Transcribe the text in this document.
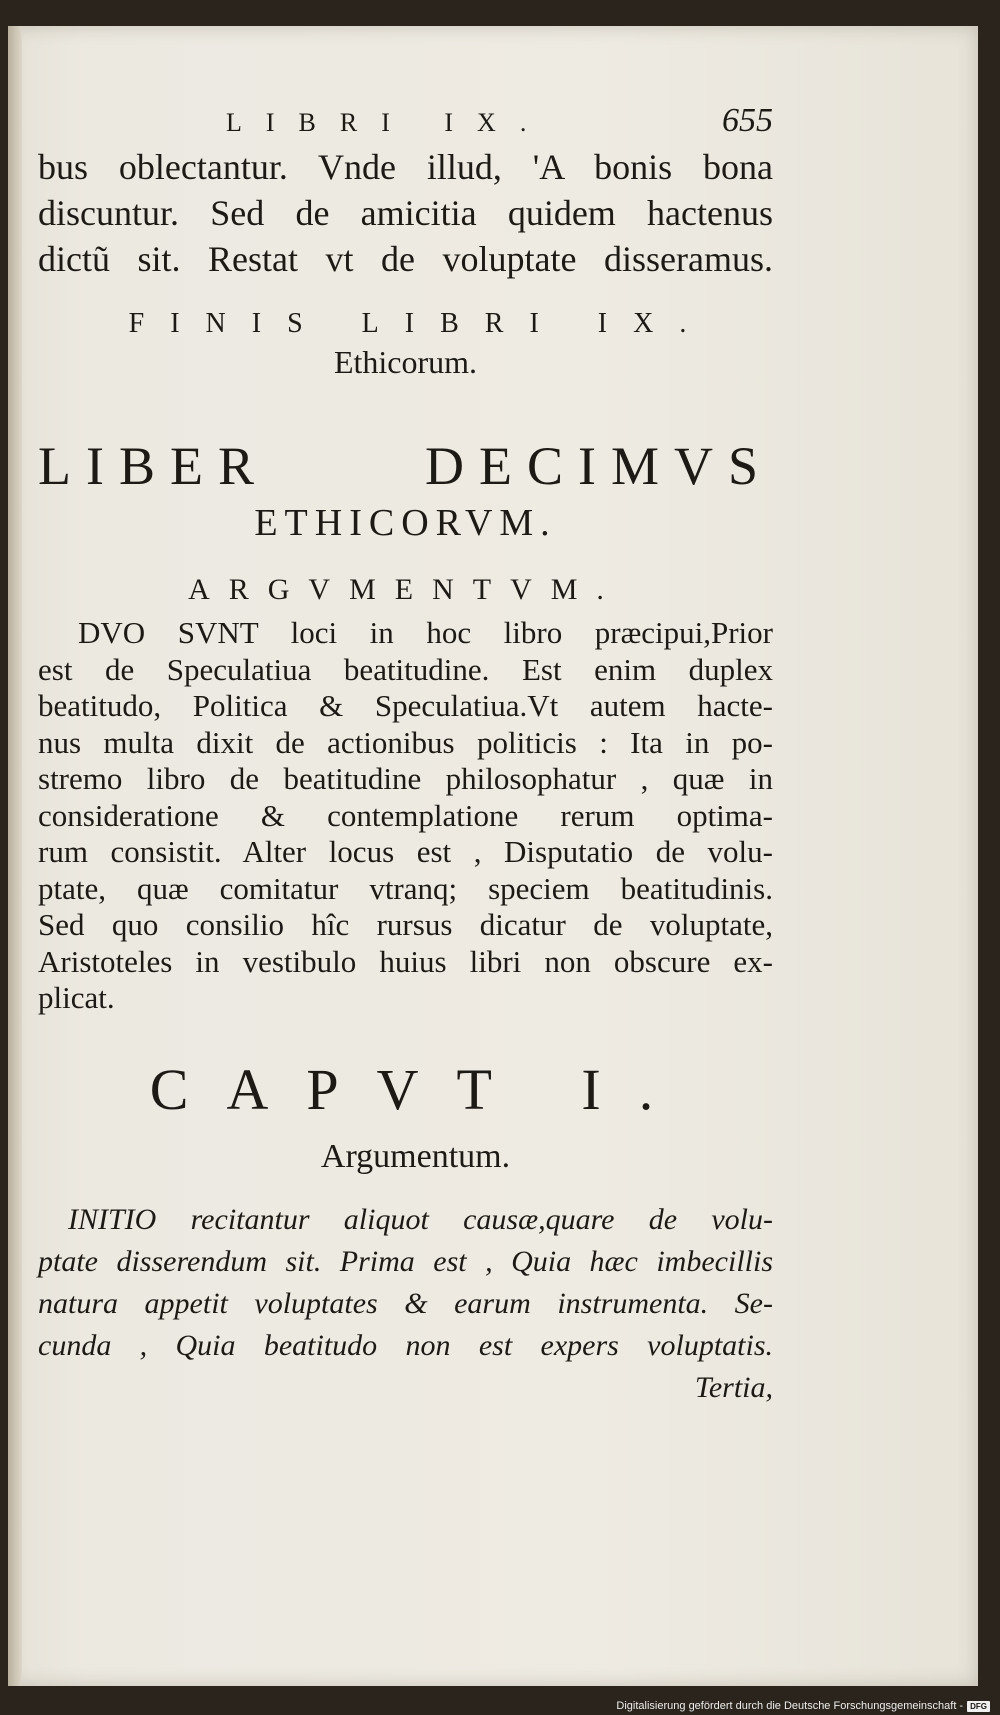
LIBRI IX.	655
bus oblectantur. Vnde illud, 'A bonis bona
discuntur. Sed de amicitia quidem hactenus
dictũ sit. Restat vt de voluptate disseramus.
FINIS LIBRI IX.
Ethicorum.
LIBER DECIMVS
ETHICORVM.
ARGVMENTVM.
DVO SVNT loci in hoc libro præcipui,Prior
est de Speculatiua beatitudine. Est enim duplex
beatitudo, Politica & Speculatiua.Vt autem hacte-
nus multa dixit de actionibus politicis : Ita in po-
stremo libro de beatitudine philosophatur , quæ in
consideratione & contemplatione rerum optima-
rum consistit. Alter locus est , Disputatio de volu-
ptate, quæ comitatur vtranq; speciem beatitudinis.
Sed quo consilio hîc rursus dicatur de voluptate,
Aristoteles in vestibulo huius libri non obscure ex-
plicat.
CAPVT I.
Argumentum.
INITIO recitantur aliquot causæ,quare de volu-
ptate disserendum sit. Prima est , Quia hæc imbecillis
natura appetit voluptates & earum instrumenta. Se-
cunda , Quia beatitudo non est expers voluptatis.
Tertia,
Digitalisierung gefördert durch die Deutsche Forschungsgemeinschaft - DFG
